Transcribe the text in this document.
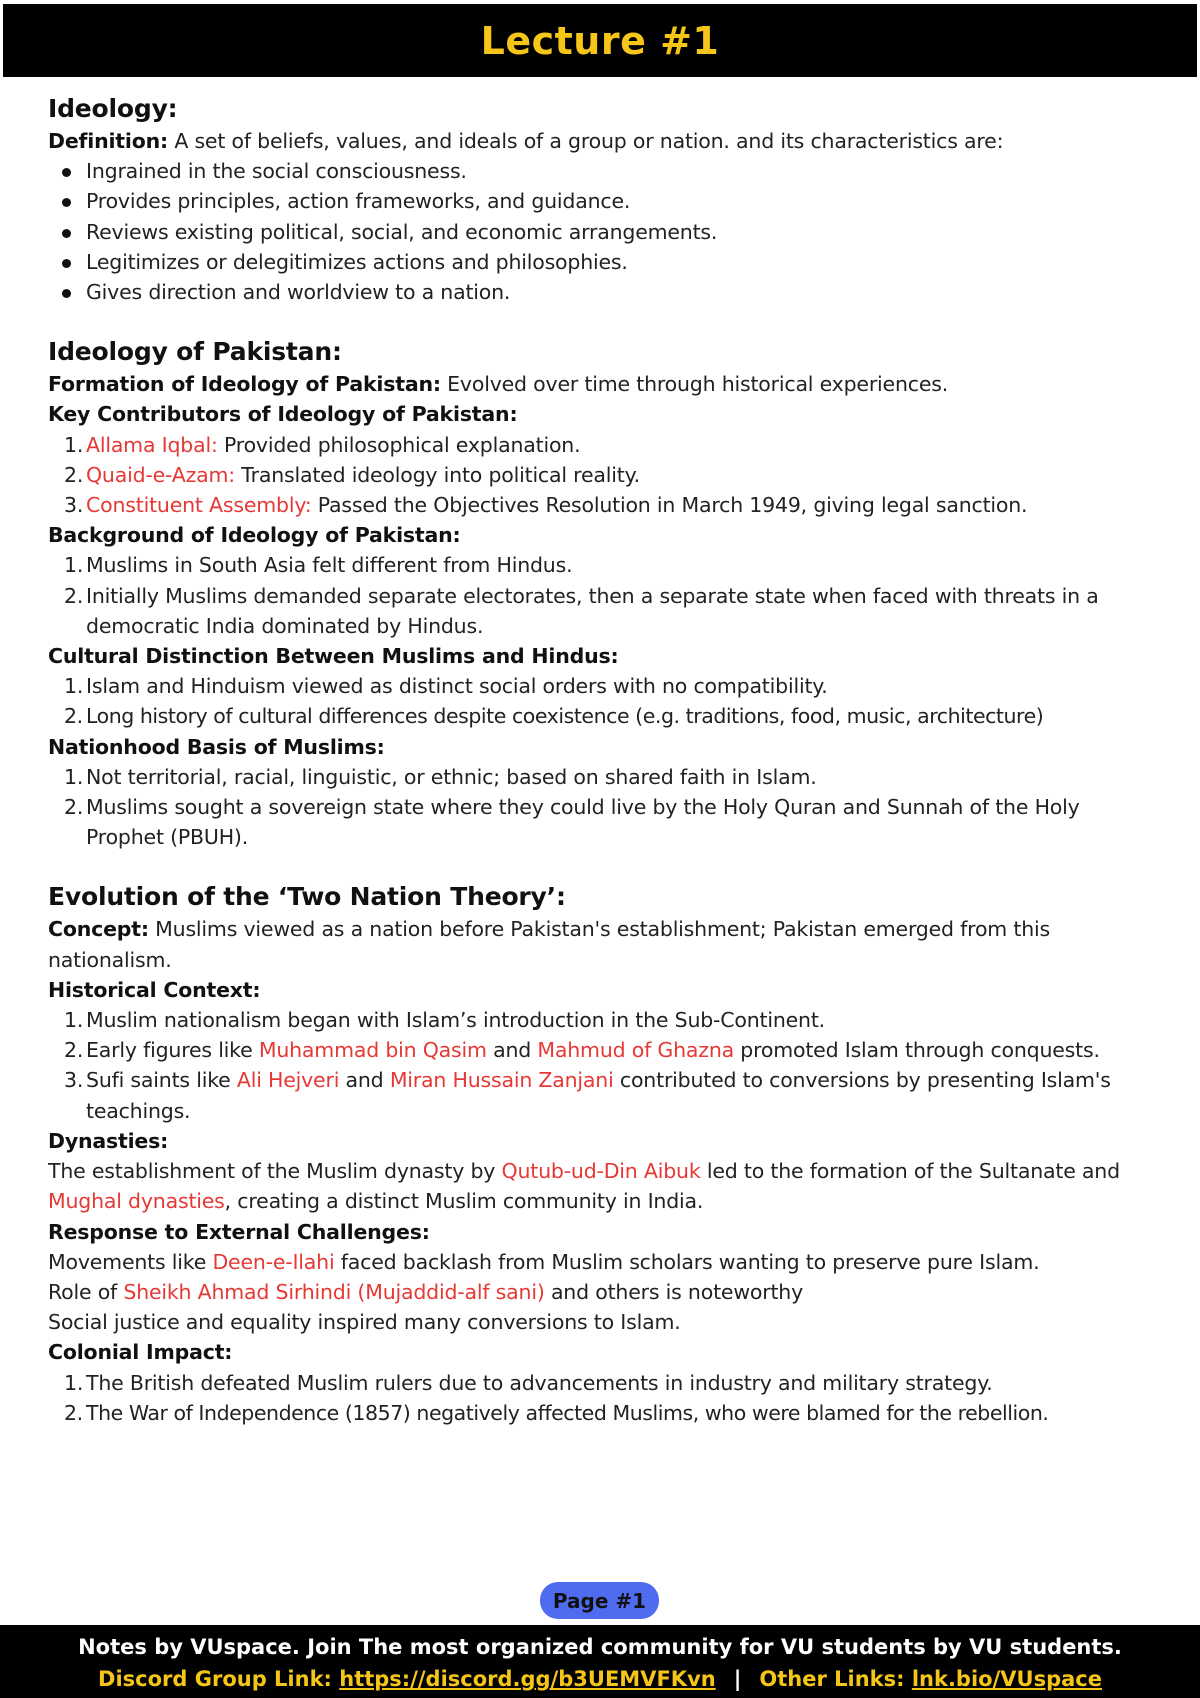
Lecture #1
Ideology:
Definition: A set of beliefs, values, and ideals of a group or nation. and its characteristics are:
Ingrained in the social consciousness.
Provides principles, action frameworks, and guidance.
Reviews existing political, social, and economic arrangements.
Legitimizes or delegitimizes actions and philosophies.
Gives direction and worldview to a nation.
Ideology of Pakistan:
Formation of Ideology of Pakistan: Evolved over time through historical experiences.
Key Contributors of Ideology of Pakistan:
1. Allama Iqbal: Provided philosophical explanation.
2. Quaid-e-Azam: Translated ideology into political reality.
3. Constituent Assembly: Passed the Objectives Resolution in March 1949, giving legal sanction.
Background of Ideology of Pakistan:
1. Muslims in South Asia felt different from Hindus.
2. Initially Muslims demanded separate electorates, then a separate state when faced with threats in a democratic India dominated by Hindus.
Cultural Distinction Between Muslims and Hindus:
1. Islam and Hinduism viewed as distinct social orders with no compatibility.
2. Long history of cultural differences despite coexistence (e.g. traditions, food, music, architecture)
Nationhood Basis of Muslims:
1. Not territorial, racial, linguistic, or ethnic; based on shared faith in Islam.
2. Muslims sought a sovereign state where they could live by the Holy Quran and Sunnah of the Holy Prophet (PBUH).
Evolution of the ‘Two Nation Theory’:
Concept: Muslims viewed as a nation before Pakistan's establishment; Pakistan emerged from this nationalism.
Historical Context:
1. Muslim nationalism began with Islam’s introduction in the Sub-Continent.
2. Early figures like Muhammad bin Qasim and Mahmud of Ghazna promoted Islam through conquests.
3. Sufi saints like Ali Hejveri and Miran Hussain Zanjani contributed to conversions by presenting Islam's teachings.
Dynasties:
The establishment of the Muslim dynasty by Qutub-ud-Din Aibuk led to the formation of the Sultanate and Mughal dynasties, creating a distinct Muslim community in India.
Response to External Challenges:
Movements like Deen-e-Ilahi faced backlash from Muslim scholars wanting to preserve pure Islam.
Role of Sheikh Ahmad Sirhindi (Mujaddid-alf sani) and others is noteworthy
Social justice and equality inspired many conversions to Islam.
Colonial Impact:
1. The British defeated Muslim rulers due to advancements in industry and military strategy.
2. The War of Independence (1857) negatively affected Muslims, who were blamed for the rebellion.
Page #1
Notes by VUspace. Join The most organized community for VU students by VU students.
Discord Group Link: https://discord.gg/b3UEMVFKvn | Other Links: lnk.bio/VUspace
